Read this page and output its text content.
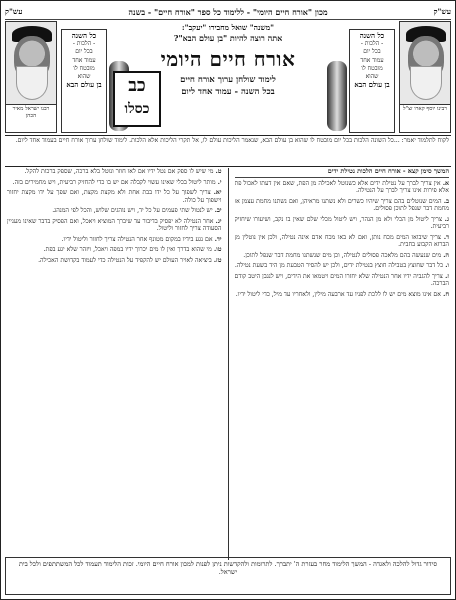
עש"ק
מכון "אורח חיים היומי" - ללימוד כל ספר "אורח חיים" - בשנה
עש"ק
רבינו יוסף קארו זצ"ל
רבנו ישראל מאיר הכהן
כל השנה
- הלכות -
בכל יום
עמוד אחד
מובטח לו
שהוא
בן עולם הבא
כל השנה
- הלכות -
בכל יום
עמוד אחד
מובטח לו
שהוא
בן עולם הבא
"משנה" שואל מחבירו "יעקב":
אתה רוצה להיות "בן עולם הבא"?
אורח חיים היומי
לימוד שולחן ערוך אורח חיים
בכל השנה - עמוד אחד ליום
כב
כסלו
לקוח לתלמוד יאמר: ...כל השונה הלכות בכל יום מובטח לו שהוא בן עולם הבא, שנאמר הליכות עולם לו, אל תקרי הליכות אלא הלכות. לימוד שולחן ערוך אורח חיים בעמוד אחד ליום.
המשך סימן קצא - אורח חיים הלכות נטילת ידים
א. אין צריך לברך על נטילת ידים אלא כשנוטל לאכילה מן הפת, שאם אין דעתו לאכול פת אלא פירות אינו צריך לברך על הנטילה.
ב. המים שנוטלים בהם צריך שיהיו כשרים ולא נשתנו מראיהן, ואם נשתנו מחמת עצמן או מחמת דבר שנפל לתוכן פסולים.
ג. צריך ליטול מן הכלי ולא מן הנהר, ויש ליטול מכלי שלם שאין בו נקב, ושיעורו שיחזיק רביעית.
ד. צריך שיבואו המים מכח נותן, ואם לא באו מכח אדם אינה נטילה, ולכן אין נוטלין מן הברזא הקבוע בחבית.
ה. מים שנעשה בהם מלאכה פסולים לנטילה, וכן מים שנשתנו מחמת דבר שנפל לתוכן.
ו. כל דבר שחוצץ בטבילה חוצץ בנטילת ידים, ולכן יש להסיר הטבעת מן היד בשעת נטילה.
ז. צריך להגביה ידיו אחר הנטילה שלא יחזרו המים ויטמאו את הידים, ויש לנגבן היטב קודם הברכה.
ח. אם אינו מוצא מים יש לו ללכת לפניו עד ארבעה מילין, ולאחריו עד מיל, כדי ליטול ידיו.
ט. מי שיש לו ספק אם נטל ידיו אם לאו חוזר ונוטל בלא ברכה, שספק ברכות להקל.
י. מותר ליטול בכלי שאינו עשוי לקבלה אם יש בו כדי להחזיק רביעית, ויש מחמירים בזה.
יא. צריך לשפוך על כל ידו בבת אחת ולא מקצת מקצת, ואם שפך על ידו מקצת יחזור וישפוך על כולה.
יב. יש לנטול שתי פעמים על כל יד, ויש נוהגים שלוש, והכל לפי המנהג.
יג. אחר הנטילה לא יפסיק בדיבור עד שיברך המוציא ויאכל, ואם הפסיק בדבר שאינו מעניין הסעודה צריך לחזור וליטול.
יד. אם נגע בידיו במקום מטונף אחר הנטילה צריך לחזור וליטול ידיו.
טו. מי שהוא בדרך ואין לו מים יכרוך ידיו במפה ויאכל, ויזהר שלא יגע בפת.
טז. ביציאה לאויר העולם יש להקפיד על הנטילה כדי לעמוד בקדושת האכילה.
סידור גדול להלכה ולאגדה - המשך הלימוד מחר בעזרת ה' יתברך. לתרומות ולהקדשות ניתן לפנות למכון אורח חיים היומי. זכות הלימוד תעמוד לכל המשתתפים ולכל בית ישראל.
